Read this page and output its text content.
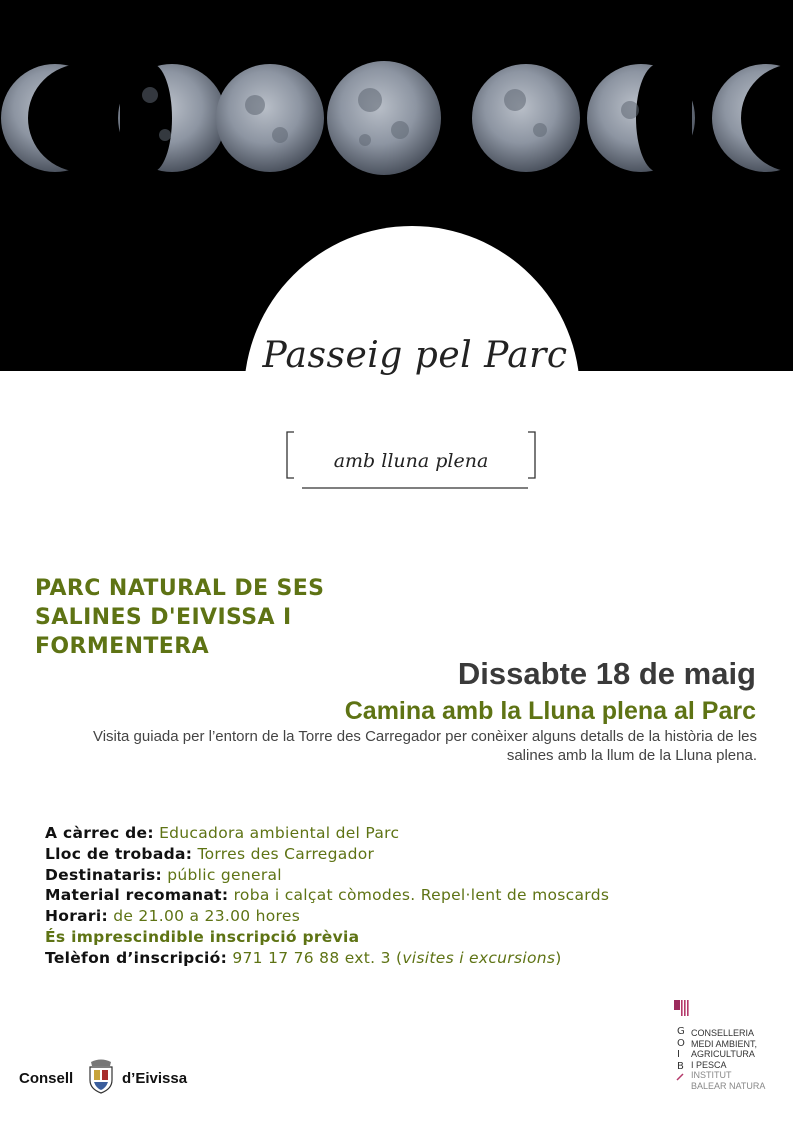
Passeig pel Parc
amb lluna plena
PARC NATURAL DE SES SALINES D'EIVISSA I FORMENTERA
Dissabte 18 de maig
Camina amb la Lluna plena al Parc
Visita guiada per l’entorn de la Torre des Carregador per conèixer alguns detalls de la història de les salines amb la llum de la Lluna plena.
A càrrec de: Educadora ambiental del Parc
Lloc de trobada: Torres des Carregador
Destinataris: públic general
Material recomanat: roba i calçat còmodes. Repel·lent de moscards
Horari: de 21.00 a 23.00 hores
És imprescindible inscripció prèvia
Telèfon d’inscripció: 971 17 76 88 ext. 3 (visites i excursions)
Consell	d’Eivissa
G
O
I
B
CONSELLERIA
MEDI AMBIENT,
AGRICULTURA
I PESCA
INSTITUT
BALEAR NATURA
